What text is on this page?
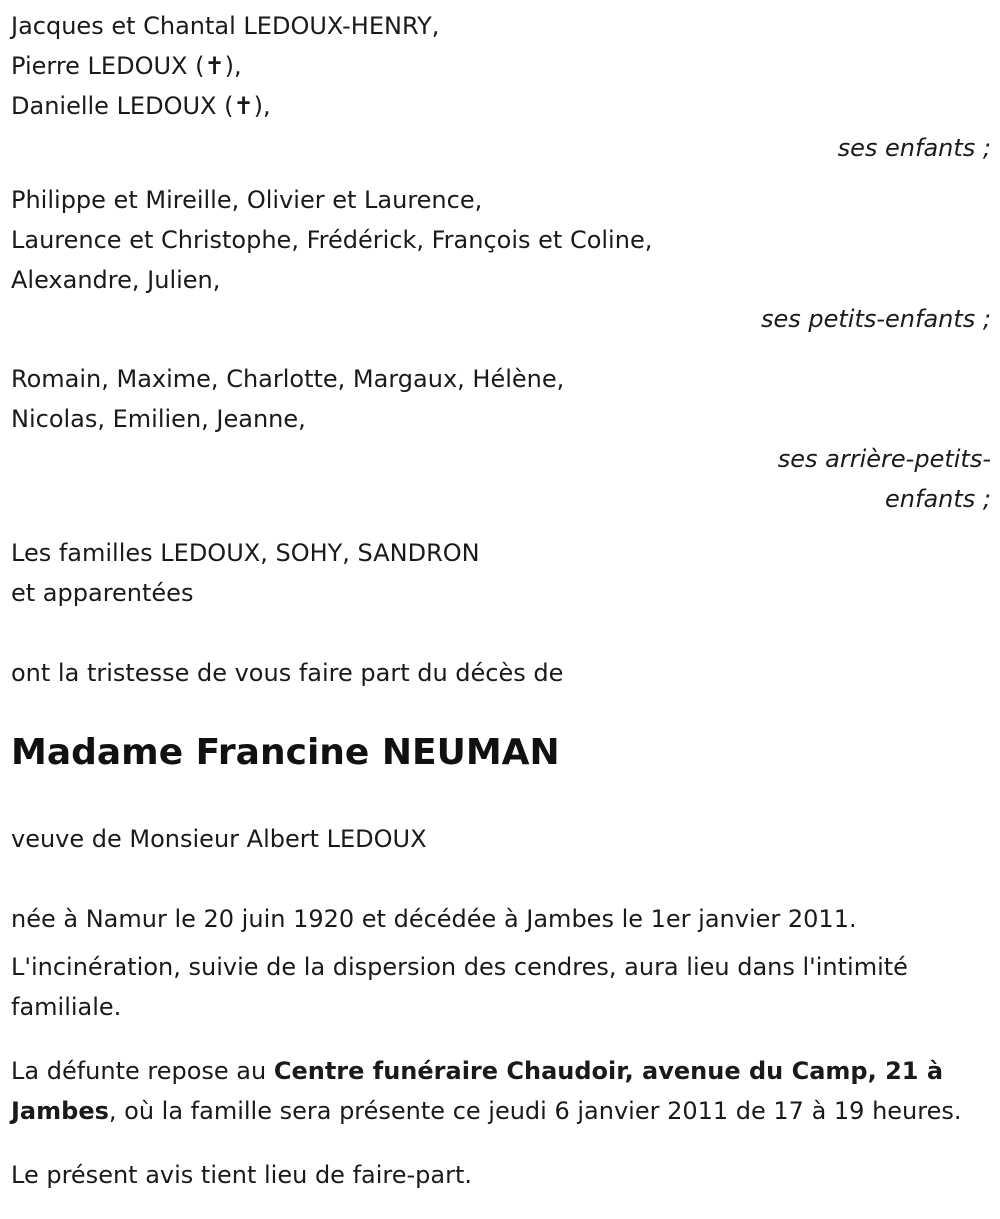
Jacques et Chantal LEDOUX-HENRY,

Pierre LEDOUX (✝),

Danielle LEDOUX (✝),

ses enfants ;

Philippe et Mireille, Olivier et Laurence,

Laurence et Christophe, Frédérick, François et Coline,

Alexandre, Julien,

ses petits-enfants ;

Romain, Maxime, Charlotte, Margaux, Hélène,

Nicolas, Emilien, Jeanne,

ses arrière-petits-

enfants ;

Les familles LEDOUX, SOHY, SANDRON

et apparentées

ont la tristesse de vous faire part du décès de

Madame Francine NEUMAN

veuve de Monsieur Albert LEDOUX

née à Namur le 20 juin 1920 et décédée à Jambes le 1er janvier 2011.

L'incinération, suivie de la dispersion des cendres, aura lieu dans l'intimité familiale.

La défunte repose au Centre funéraire Chaudoir, avenue du Camp, 21 à Jambes, où la famille sera présente ce jeudi 6 janvier 2011 de 17 à 19 heures.

Le présent avis tient lieu de faire-part.
